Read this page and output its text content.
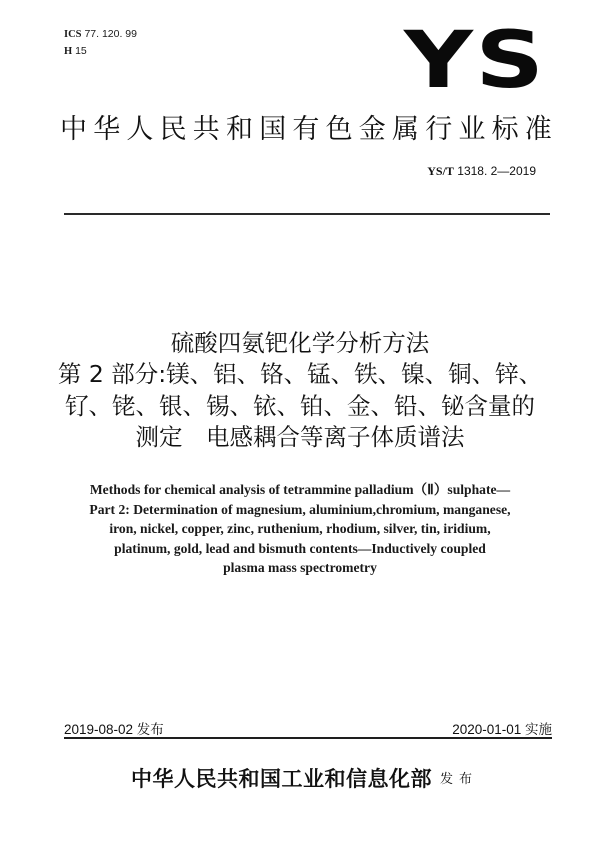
ICS 77. 120. 99
H 15	YS
中华人民共和国有色金属行业标准
YS/T 1318. 2—2019
硫酸四氨钯化学分析方法
第 2 部分:镁、铝、铬、锰、铁、镍、铜、锌、
钌、铑、银、锡、铱、铂、金、铅、铋含量的
测定　电感耦合等离子体质谱法
Methods for chemical analysis of tetrammine palladium（Ⅱ）sulphate—
Part 2: Determination of magnesium, aluminium,chromium, manganese,
iron, nickel, copper, zinc, ruthenium, rhodium, silver, tin, iridium,
platinum, gold, lead and bismuth contents—Inductively coupled
plasma mass spectrometry
2019-08-02 发布	2020-01-01 实施
中华人民共和国工业和信息化部 发布
